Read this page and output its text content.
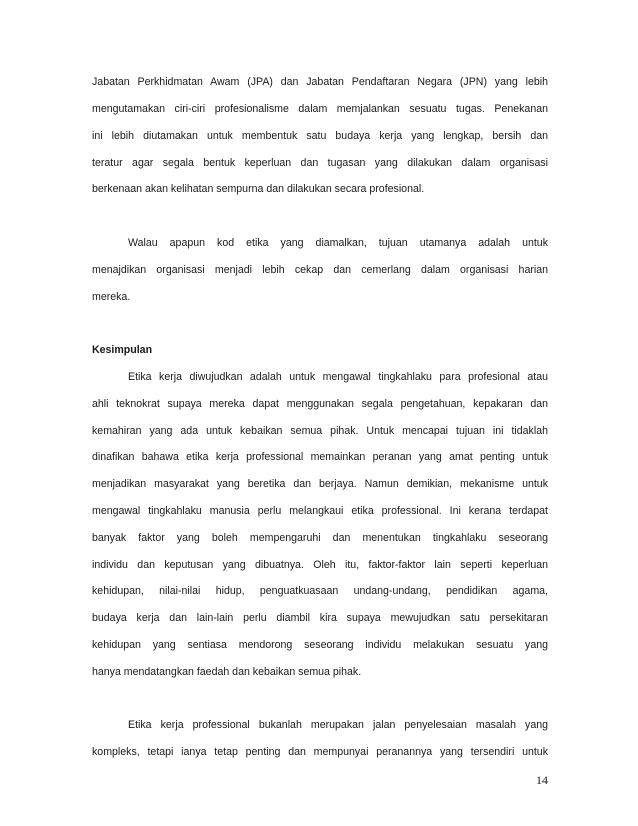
Jabatan Perkhidmatan Awam (JPA) dan Jabatan Pendaftaran Negara (JPN) yang lebih
mengutamakan ciri-ciri profesionalisme dalam memjalankan sesuatu tugas. Penekanan
ini lebih diutamakan untuk membentuk satu budaya kerja yang lengkap, bersih dan
teratur agar segala bentuk keperluan dan tugasan yang dilakukan dalam organisasi
berkenaan akan kelihatan sempurna dan dilakukan secara profesional.
Walau apapun kod etika yang diamalkan, tujuan utamanya adalah untuk
menajdikan organisasi menjadi lebih cekap dan cemerlang dalam organisasi harian
mereka.
Kesimpulan
Etika kerja diwujudkan adalah untuk mengawal tingkahlaku para profesional atau
ahli teknokrat supaya mereka dapat menggunakan segala pengetahuan, kepakaran dan
kemahiran yang ada untuk kebaikan semua pihak. Untuk mencapai tujuan ini tidaklah
dinafikan bahawa etika kerja professional memainkan peranan yang amat penting untuk
menjadikan masyarakat yang beretika dan berjaya. Namun demikian, mekanisme untuk
mengawal tingkahlaku manusia perlu melangkaui etika professional. Ini kerana terdapat
banyak faktor yang boleh mempengaruhi dan menentukan tingkahlaku seseorang
individu dan keputusan yang dibuatnya. Oleh itu, faktor-faktor lain seperti keperluan
kehidupan, nilai-nilai hidup, penguatkuasaan undang-undang, pendidikan agama,
budaya kerja dan lain-lain perlu diambil kira supaya mewujudkan satu persekitaran
kehidupan yang sentiasa mendorong seseorang individu melakukan sesuatu yang
hanya mendatangkan faedah dan kebaikan semua pihak.
Etika kerja professional bukanlah merupakan jalan penyelesaian masalah yang
kompleks, tetapi ianya tetap penting dan mempunyai peranannya yang tersendiri untuk
14
